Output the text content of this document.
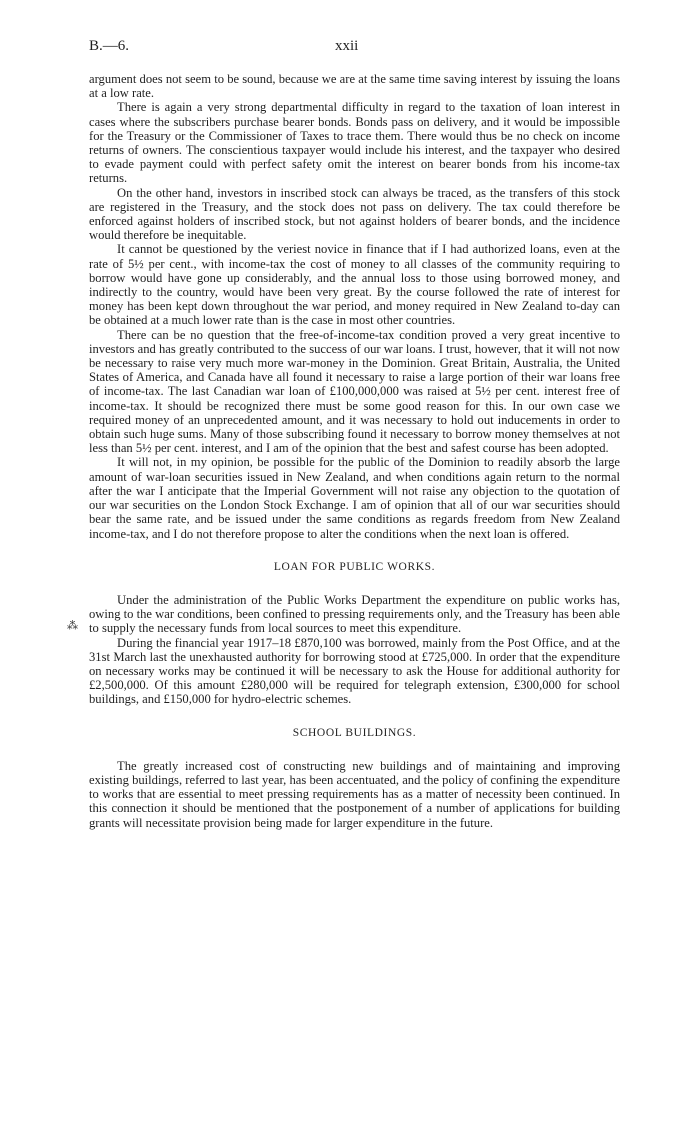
B.—6.	xxii
⁂

argument does not seem to be sound, because we are at the same time saving interest by issuing the loans at a low rate.

There is again a very strong departmental difficulty in regard to the taxation of loan interest in cases where the subscribers purchase bearer bonds. Bonds pass on delivery, and it would be impossible for the Treasury or the Commissioner of Taxes to trace them. There would thus be no check on income returns of owners. The conscientious taxpayer would include his interest, and the taxpayer who desired to evade payment could with perfect safety omit the interest on bearer bonds from his income-tax returns.

On the other hand, investors in inscribed stock can always be traced, as the transfers of this stock are registered in the Treasury, and the stock does not pass on delivery. The tax could therefore be enforced against holders of inscribed stock, but not against holders of bearer bonds, and the incidence would therefore be inequitable.

It cannot be questioned by the veriest novice in finance that if I had authorized loans, even at the rate of 5½ per cent., with income-tax the cost of money to all classes of the community requiring to borrow would have gone up considerably, and the annual loss to those using borrowed money, and indirectly to the country, would have been very great. By the course followed the rate of interest for money has been kept down throughout the war period, and money required in New Zealand to-day can be obtained at a much lower rate than is the case in most other countries.

There can be no question that the free-of-income-tax condition proved a very great incentive to investors and has greatly contributed to the success of our war loans. I trust, however, that it will not now be necessary to raise very much more war-money in the Dominion. Great Britain, Australia, the United States of America, and Canada have all found it necessary to raise a large portion of their war loans free of income-tax. The last Canadian war loan of £100,000,000 was raised at 5½ per cent. interest free of income-tax. It should be recognized there must be some good reason for this. In our own case we required money of an unprecedented amount, and it was necessary to hold out inducements in order to obtain such huge sums. Many of those subscribing found it necessary to borrow money themselves at not less than 5½ per cent. interest, and I am of the opinion that the best and safest course has been adopted.

It will not, in my opinion, be possible for the public of the Dominion to readily absorb the large amount of war-loan securities issued in New Zealand, and when conditions again return to the normal after the war I anticipate that the Imperial Government will not raise any objection to the quotation of our war securities on the London Stock Exchange. I am of opinion that all of our war securities should bear the same rate, and be issued under the same conditions as regards freedom from New Zealand income-tax, and I do not therefore propose to alter the conditions when the next loan is offered.

LOAN FOR PUBLIC WORKS.

Under the administration of the Public Works Department the expenditure on public works has, owing to the war conditions, been confined to pressing requirements only, and the Treasury has been able to supply the necessary funds from local sources to meet this expenditure.

During the financial year 1917–18 £870,100 was borrowed, mainly from the Post Office, and at the 31st March last the unexhausted authority for borrowing stood at £725,000. In order that the expenditure on necessary works may be continued it will be necessary to ask the House for additional authority for £2,500,000. Of this amount £280,000 will be required for telegraph extension, £300,000 for school buildings, and £150,000 for hydro-electric schemes.

SCHOOL BUILDINGS.

The greatly increased cost of constructing new buildings and of maintaining and improving existing buildings, referred to last year, has been accentuated, and the policy of confining the expenditure to works that are essential to meet pressing requirements has as a matter of necessity been continued. In this connection it should be mentioned that the postponement of a number of applications for building grants will necessitate provision being made for larger expenditure in the future.
